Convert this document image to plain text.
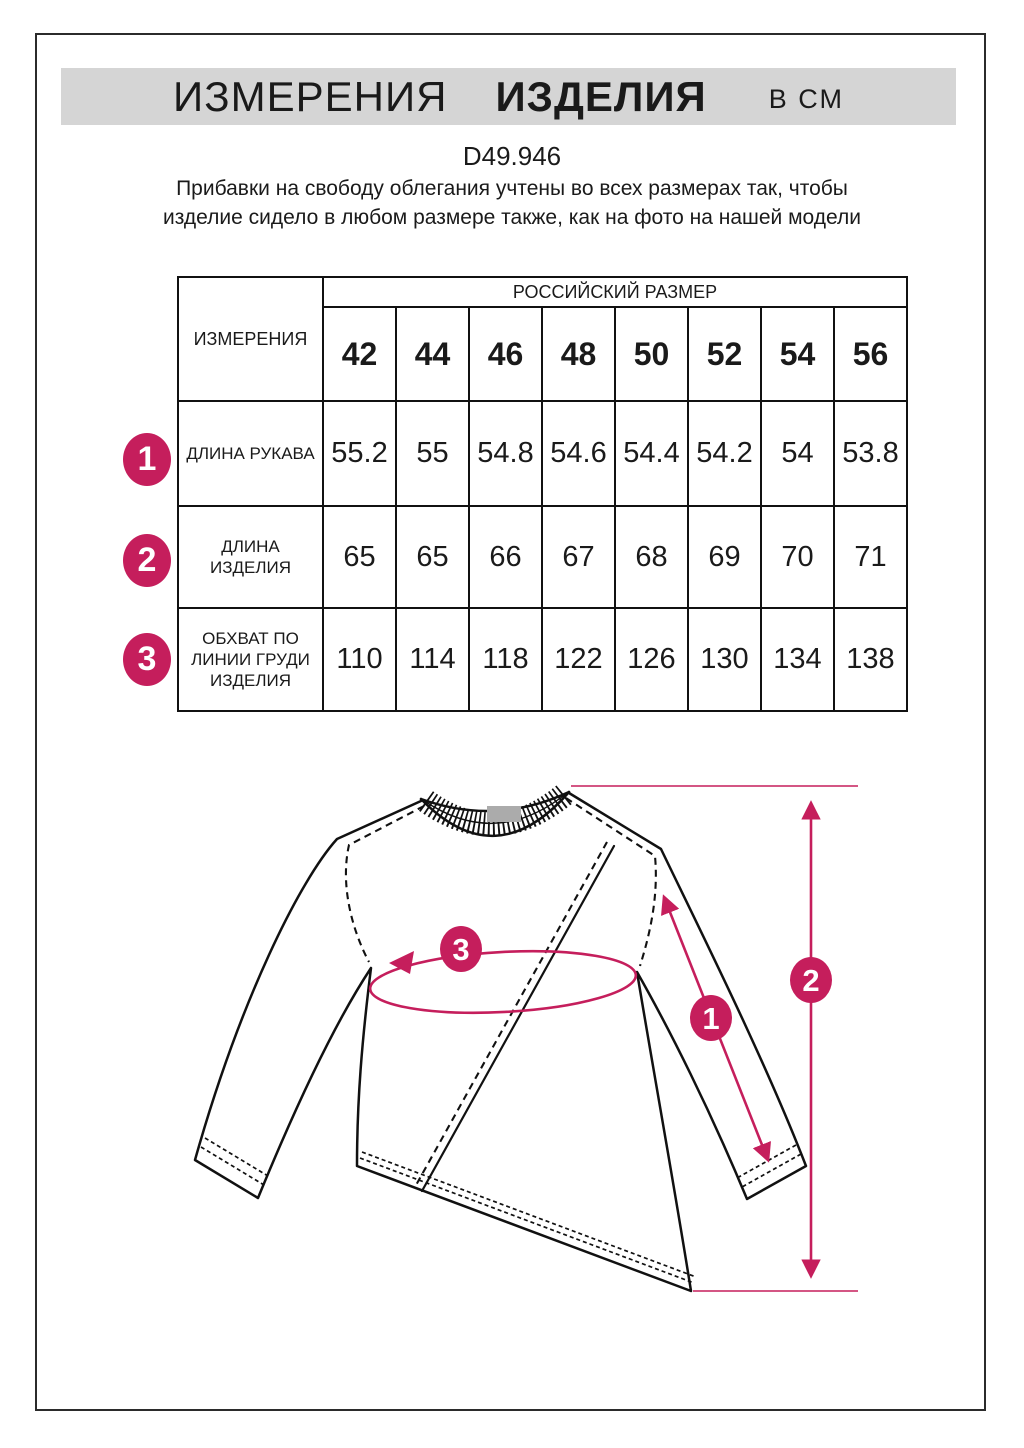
ИЗМЕРЕНИЯ ИЗДЕЛИЯ В СМ
D49.946
Прибавки на свободу облегания учтены во всех размерах так, чтобы изделие сидело в любом размере также, как на фото на нашей модели
ИЗМЕРЕНИЯ
РОССИЙСКИЙ РАЗМЕР
42	44	46	48	50	52	54	56
ДЛИНА РУКАВА 55.2 55 54.8 54.6 54.4 54.2 54 53.8
ДЛИНА ИЗДЕЛИЯ	65	65	66	67	68	69	70	71
ОБХВАТ ПО ЛИНИИ ГРУДИ ИЗДЕЛИЯ
110 114 118 122 126 130 134 138
1
2
3
3
1
2
